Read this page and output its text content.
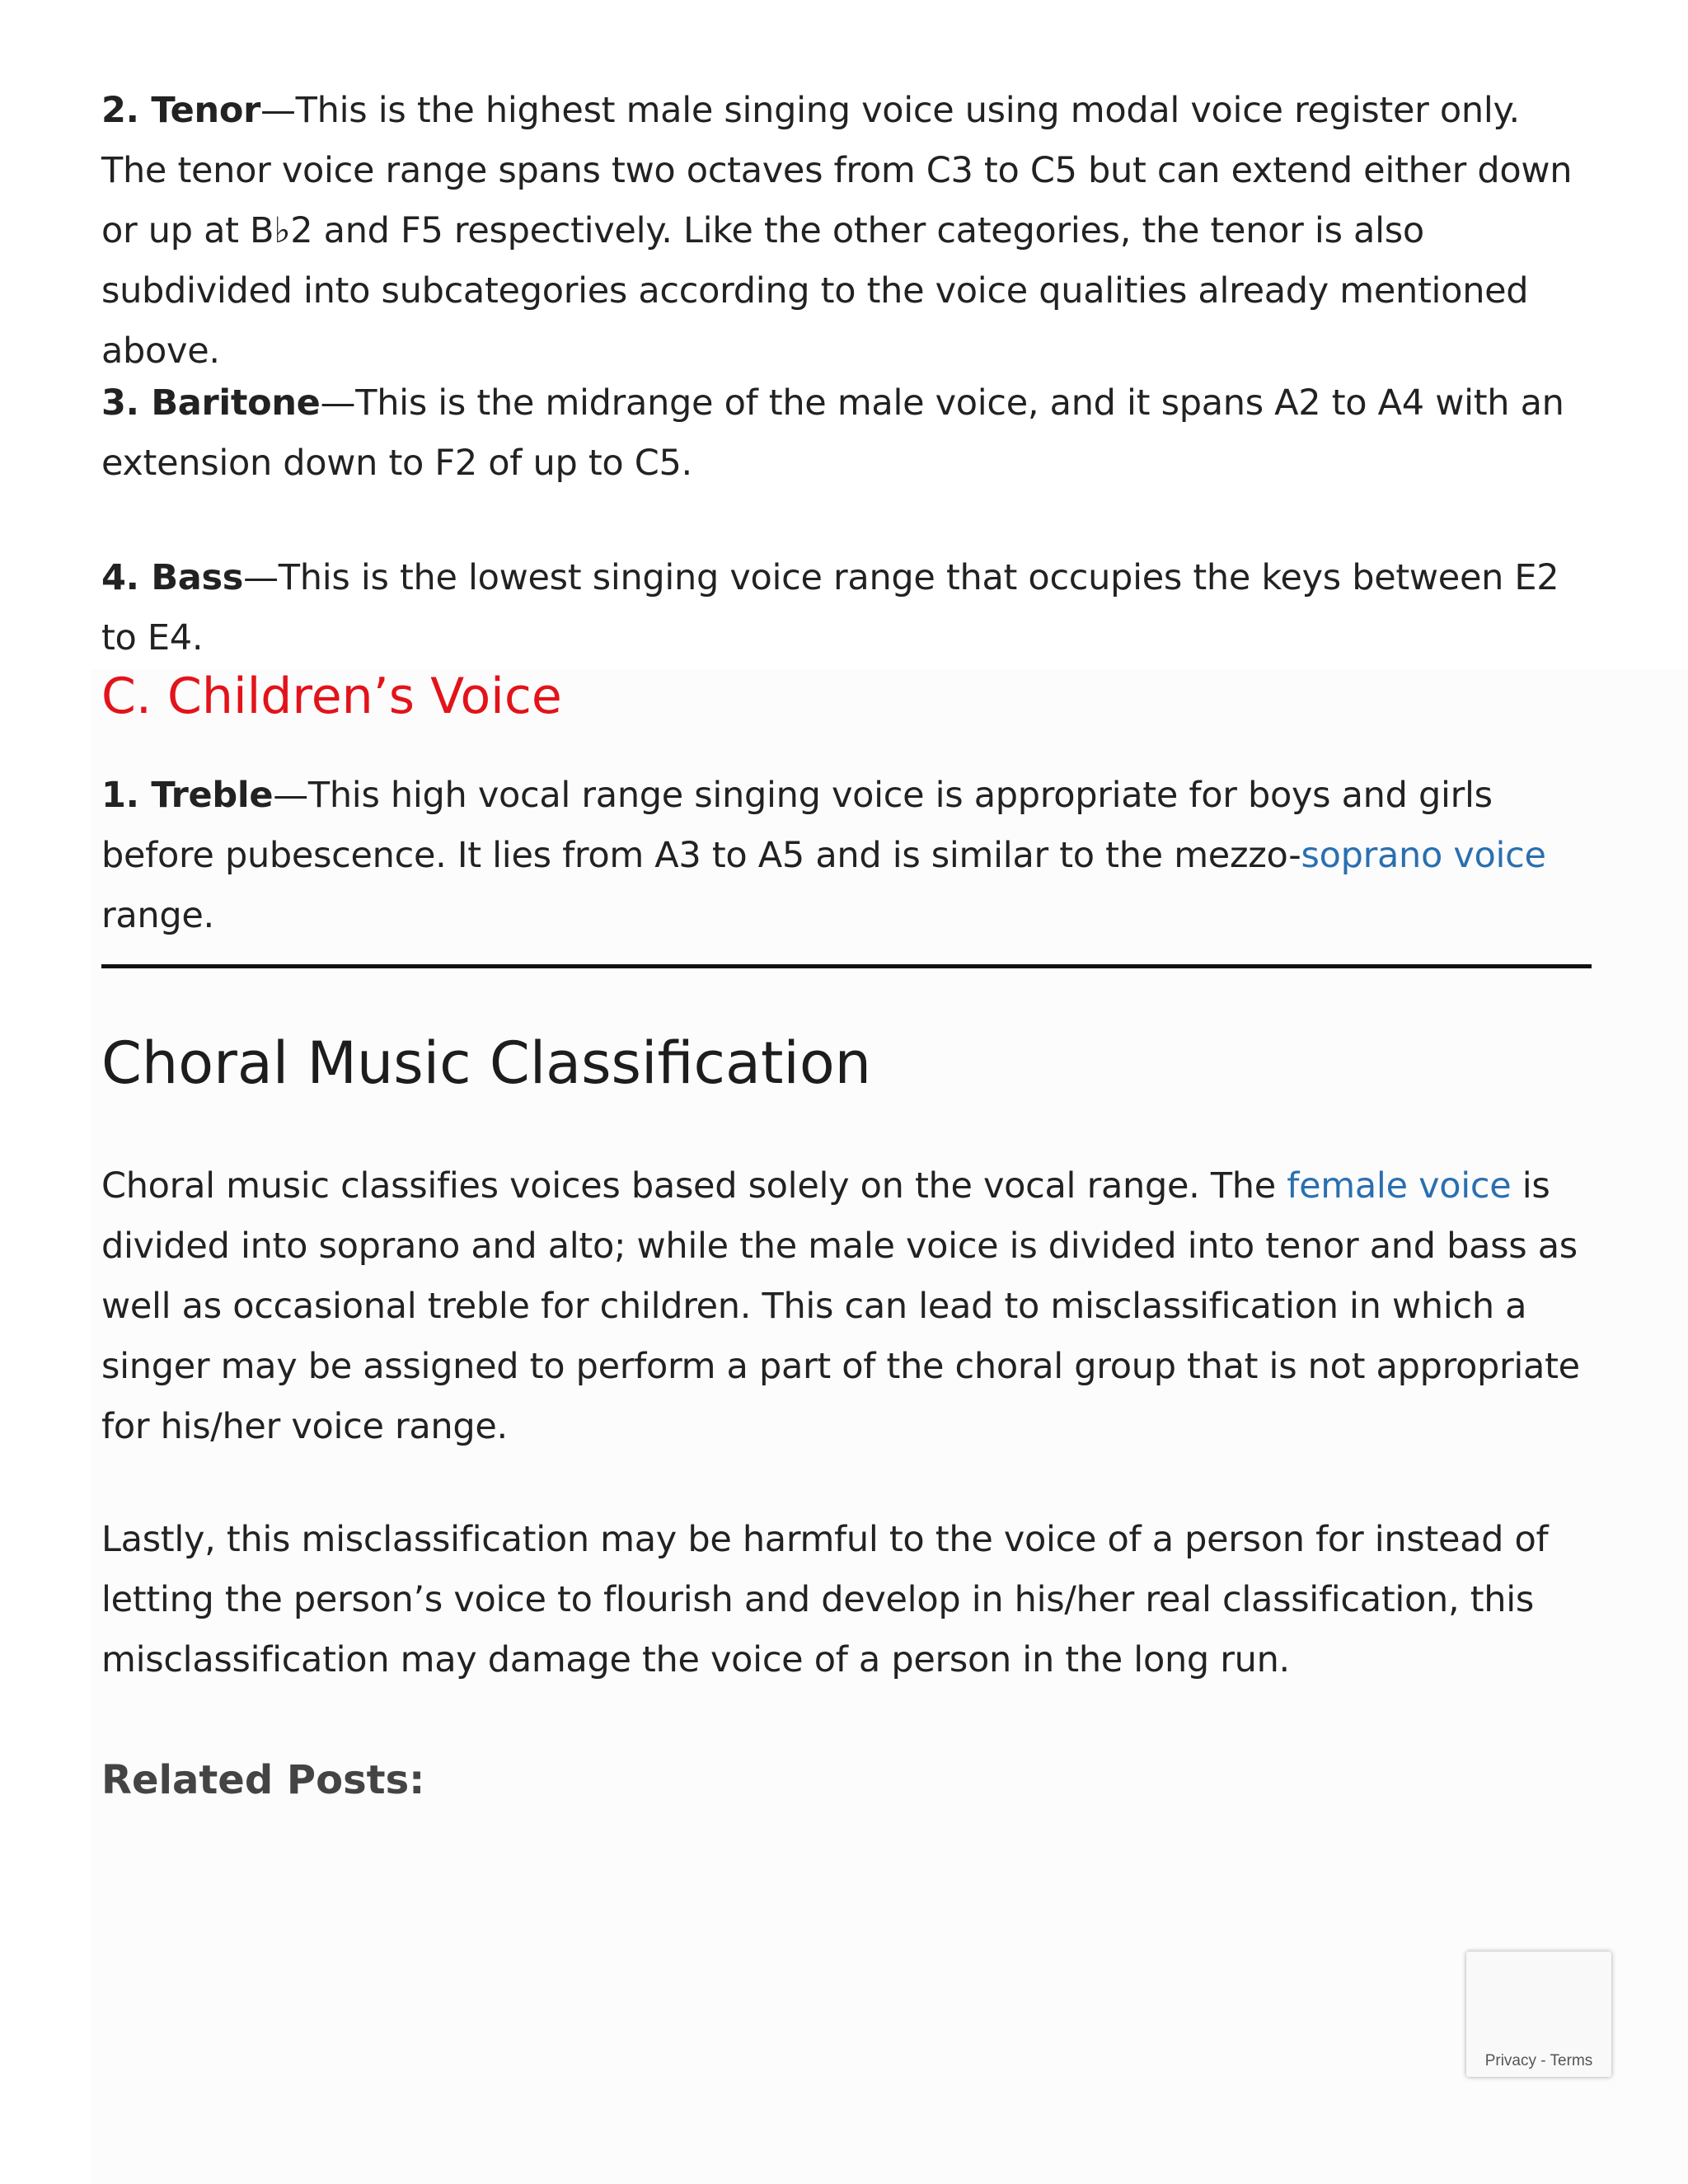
2. Tenor—This is the highest male singing voice using modal voice register only. The tenor voice range spans two octaves from C3 to C5 but can extend either down or up at B♭2 and F5 respectively. Like the other categories, the tenor is also subdivided into subcategories according to the voice qualities already mentioned above.

3. Baritone—This is the midrange of the male voice, and it spans A2 to A4 with an extension down to F2 of up to C5.

4. Bass—This is the lowest singing voice range that occupies the keys between E2 to E4.

C. Children’s Voice

1. Treble—This high vocal range singing voice is appropriate for boys and girls before pubescence. It lies from A3 to A5 and is similar to the mezzo-soprano voice range.

Choral Music Classification

Choral music classifies voices based solely on the vocal range. The female voice is divided into soprano and alto; while the male voice is divided into tenor and bass as well as occasional treble for children. This can lead to misclassification in which a singer may be assigned to perform a part of the choral group that is not appropriate for his/her voice range.

Lastly, this misclassification may be harmful to the voice of a person for instead of letting the person’s voice to flourish and develop in his/her real classification, this misclassification may damage the voice of a person in the long run.

Related Posts:
Privacy - Terms
